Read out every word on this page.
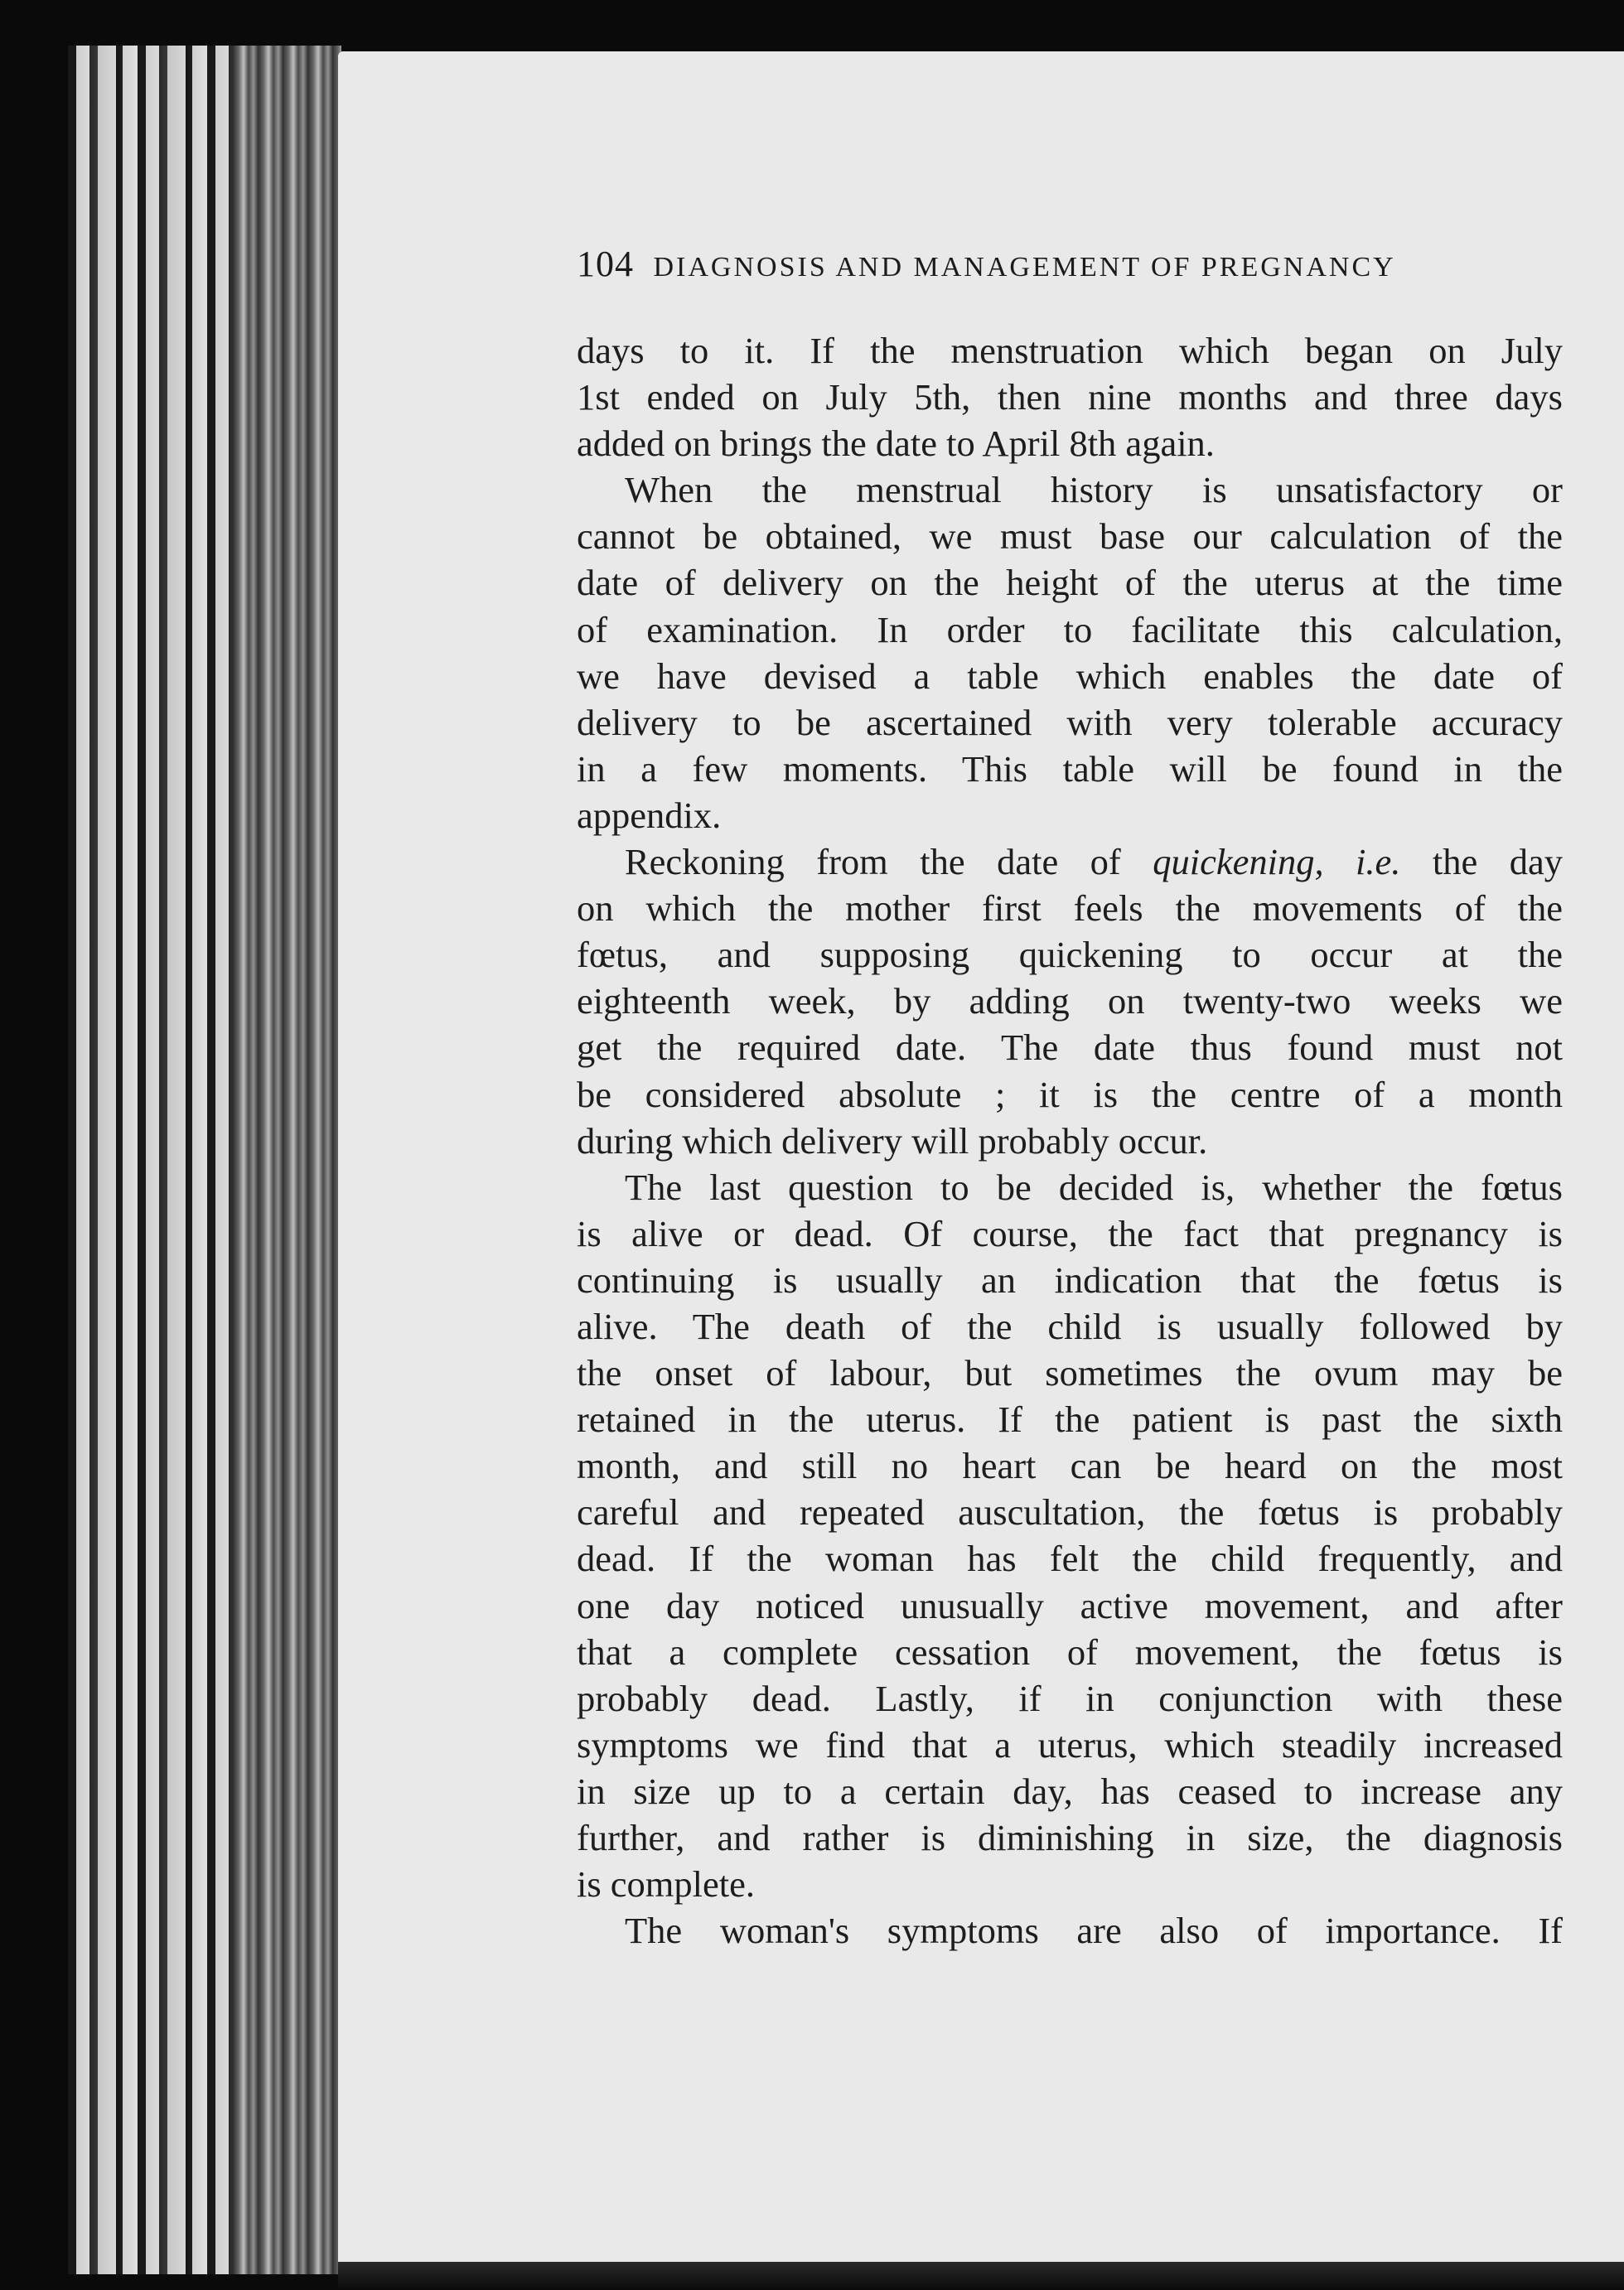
104 DIAGNOSIS AND MANAGEMENT OF PREGNANCY
days to it. If the menstruation which began on July
1st ended on July 5th, then nine months and three days
added on brings the date to April 8th again.
When the menstrual history is unsatisfactory or
cannot be obtained, we must base our calculation of the
date of delivery on the height of the uterus at the time
of examination. In order to facilitate this calculation,
we have devised a table which enables the date of
delivery to be ascertained with very tolerable accuracy
in a few moments. This table will be found in the
appendix.
Reckoning from the date of quickening, i.e. the day
on which the mother first feels the movements of the
fœtus, and supposing quickening to occur at the
eighteenth week, by adding on twenty-two weeks we
get the required date. The date thus found must not
be considered absolute ; it is the centre of a month
during which delivery will probably occur.
The last question to be decided is, whether the fœtus
is alive or dead. Of course, the fact that pregnancy is
continuing is usually an indication that the fœtus is
alive. The death of the child is usually followed by
the onset of labour, but sometimes the ovum may be
retained in the uterus. If the patient is past the sixth
month, and still no heart can be heard on the most
careful and repeated auscultation, the fœtus is probably
dead. If the woman has felt the child frequently, and
one day noticed unusually active movement, and after
that a complete cessation of movement, the fœtus is
probably dead. Lastly, if in conjunction with these
symptoms we find that a uterus, which steadily increased
in size up to a certain day, has ceased to increase any
further, and rather is diminishing in size, the diagnosis
is complete.
The woman's symptoms are also of importance. If
